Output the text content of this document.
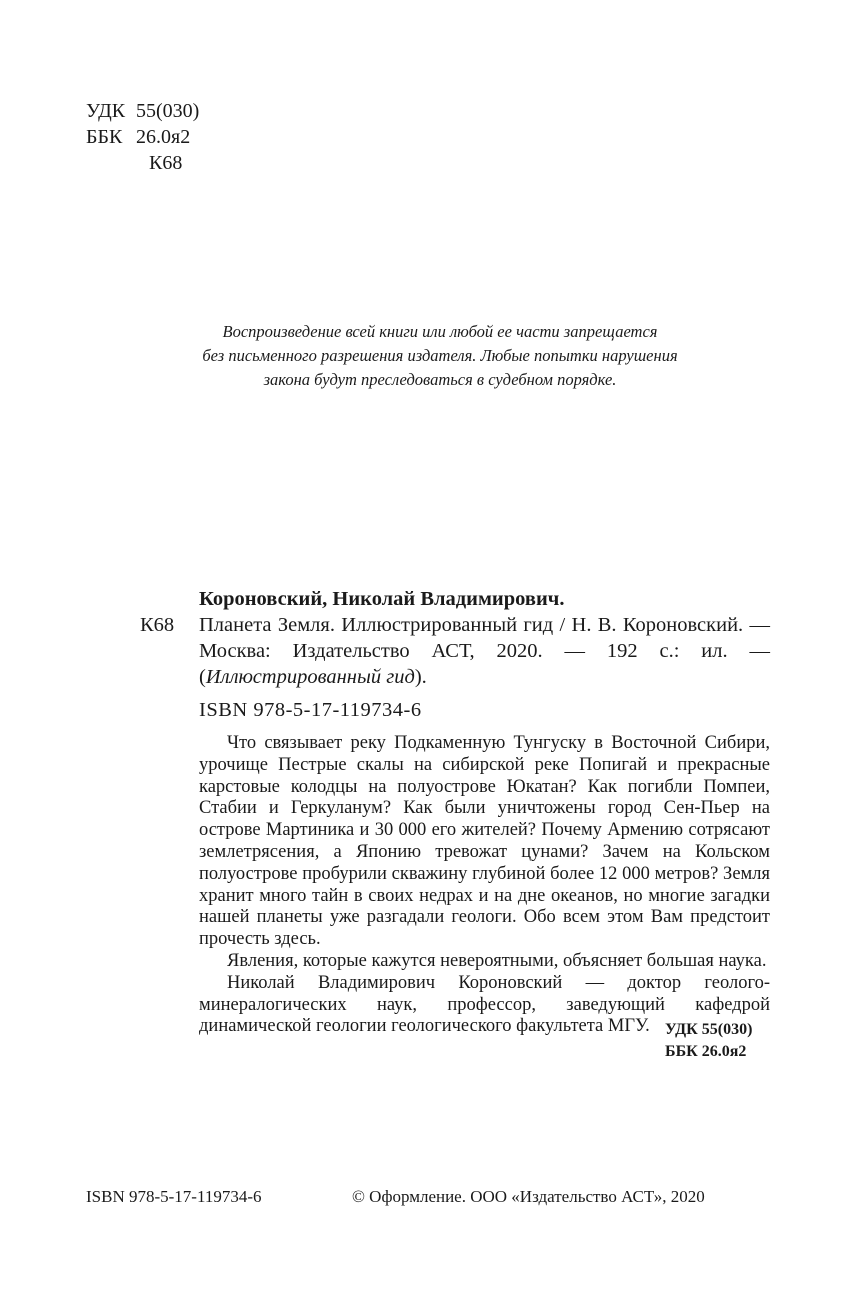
УДК 55(030)
ББК 26.0я2
К68
Воспроизведение всей книги или любой ее части запрещается
без письменного разрешения издателя. Любые попытки нарушения
закона будут преследоваться в судебном порядке.
Короновский, Николай Владимирович.
К68 Планета Земля. Иллюстрированный гид / Н. В. Короновский. — Москва: Издательство АСТ, 2020. — 192 с.: ил. — (Иллюстрированный гид).
ISBN 978-5-17-119734-6

Что связывает реку Подкаменную Тунгуску в Восточной Сибири, урочище Пестрые скалы на сибирской реке Попигай и прекрасные карстовые колодцы на полуострове Юкатан? Как погибли Помпеи, Стабии и Геркуланум? Как были уничтожены город Сен-Пьер на острове Мартиника и 30 000 его жителей? Почему Армению сотрясают землетрясения, а Японию тревожат цунами? Зачем на Кольском полуострове пробурили скважину глубиной более 12 000 метров? Земля хранит много тайн в своих недрах и на дне океанов, но многие загадки нашей планеты уже разгадали геологи. Обо всем этом Вам предстоит прочесть здесь.

Явления, которые кажутся невероятными, объясняет большая наука.

Николай Владимирович Короновский — доктор геолого-минералогических наук, профессор, заведующий кафедрой динамической геологии геологического факультета МГУ. УДК 55(030)
ББК 26.0я2
ISBN 978-5-17-119734-6	© Оформление. ООО «Издательство АСТ», 2020
